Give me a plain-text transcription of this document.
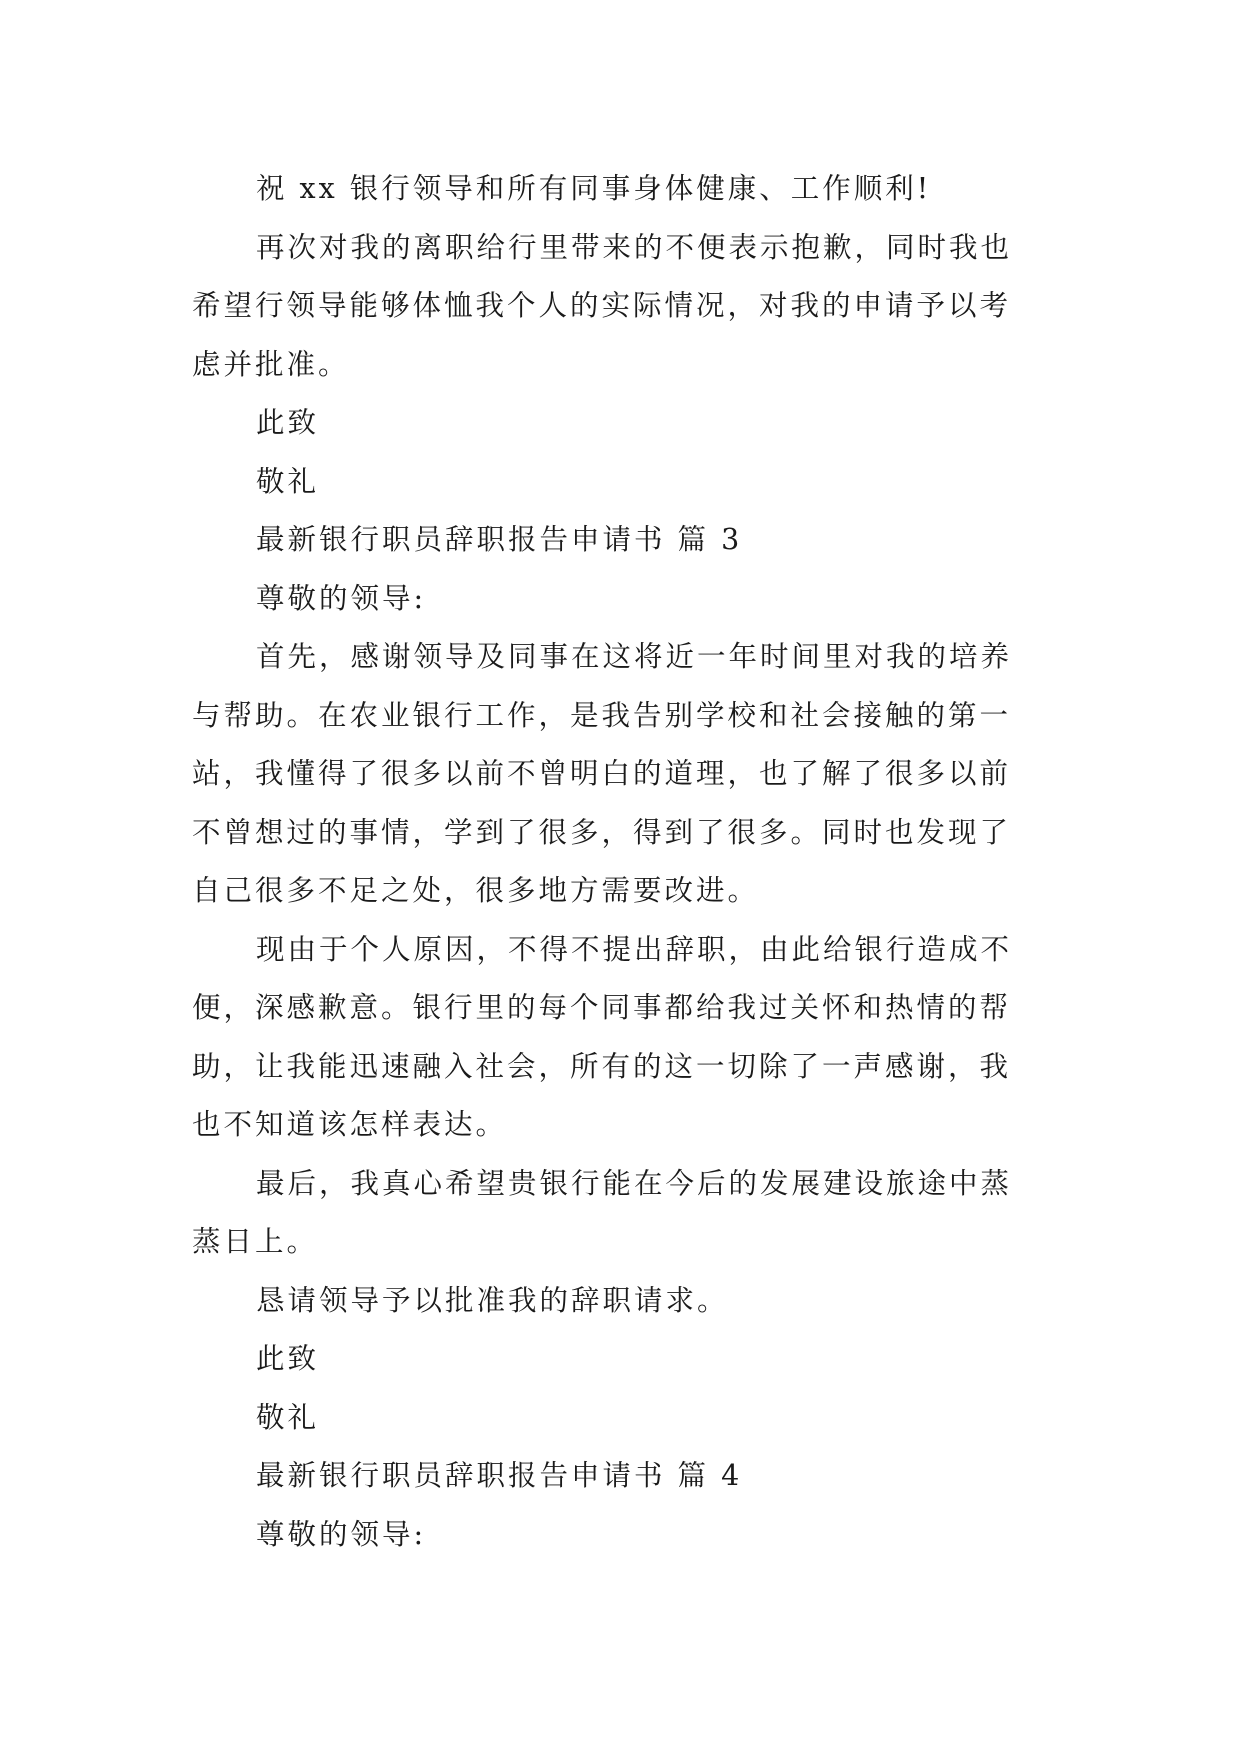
祝 xx 银行领导和所有同事身体健康、工作顺利!
再次对我的离职给行里带来的不便表示抱歉，同时我也
希望行领导能够体恤我个人的实际情况，对我的申请予以考
虑并批准。
此致
敬礼
最新银行职员辞职报告申请书 篇 3
尊敬的领导:
首先，感谢领导及同事在这将近一年时间里对我的培养
与帮助。在农业银行工作，是我告别学校和社会接触的第一
站，我懂得了很多以前不曾明白的道理，也了解了很多以前
不曾想过的事情，学到了很多，得到了很多。同时也发现了
自己很多不足之处，很多地方需要改进。
现由于个人原因，不得不提出辞职，由此给银行造成不
便，深感歉意。银行里的每个同事都给我过关怀和热情的帮
助，让我能迅速融入社会，所有的这一切除了一声感谢，我
也不知道该怎样表达。
最后，我真心希望贵银行能在今后的发展建设旅途中蒸
蒸日上。
恳请领导予以批准我的辞职请求。
此致
敬礼
最新银行职员辞职报告申请书 篇 4
尊敬的领导:
